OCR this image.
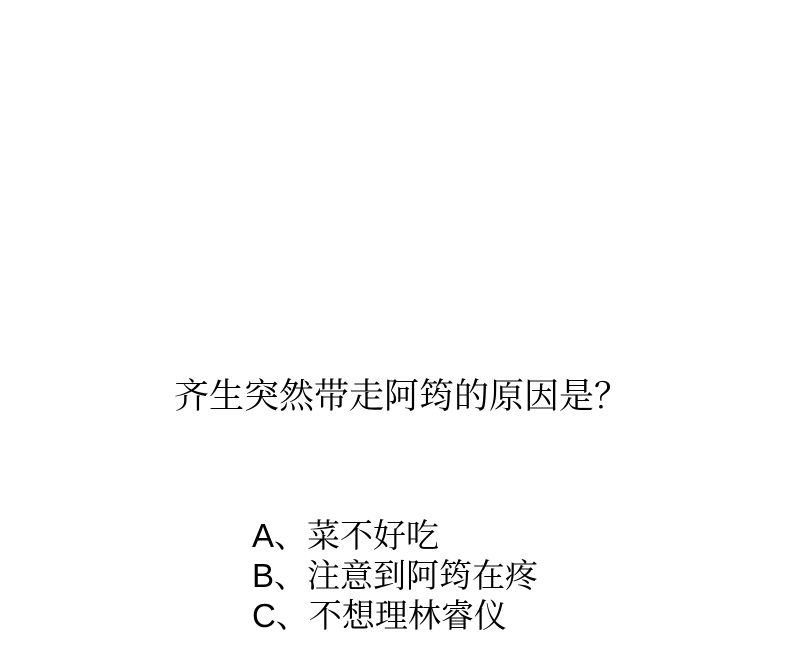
齐生突然带走阿筠的原因是？
A、菜不好吃
B、注意到阿筠在疼
C、不想理林睿仪
